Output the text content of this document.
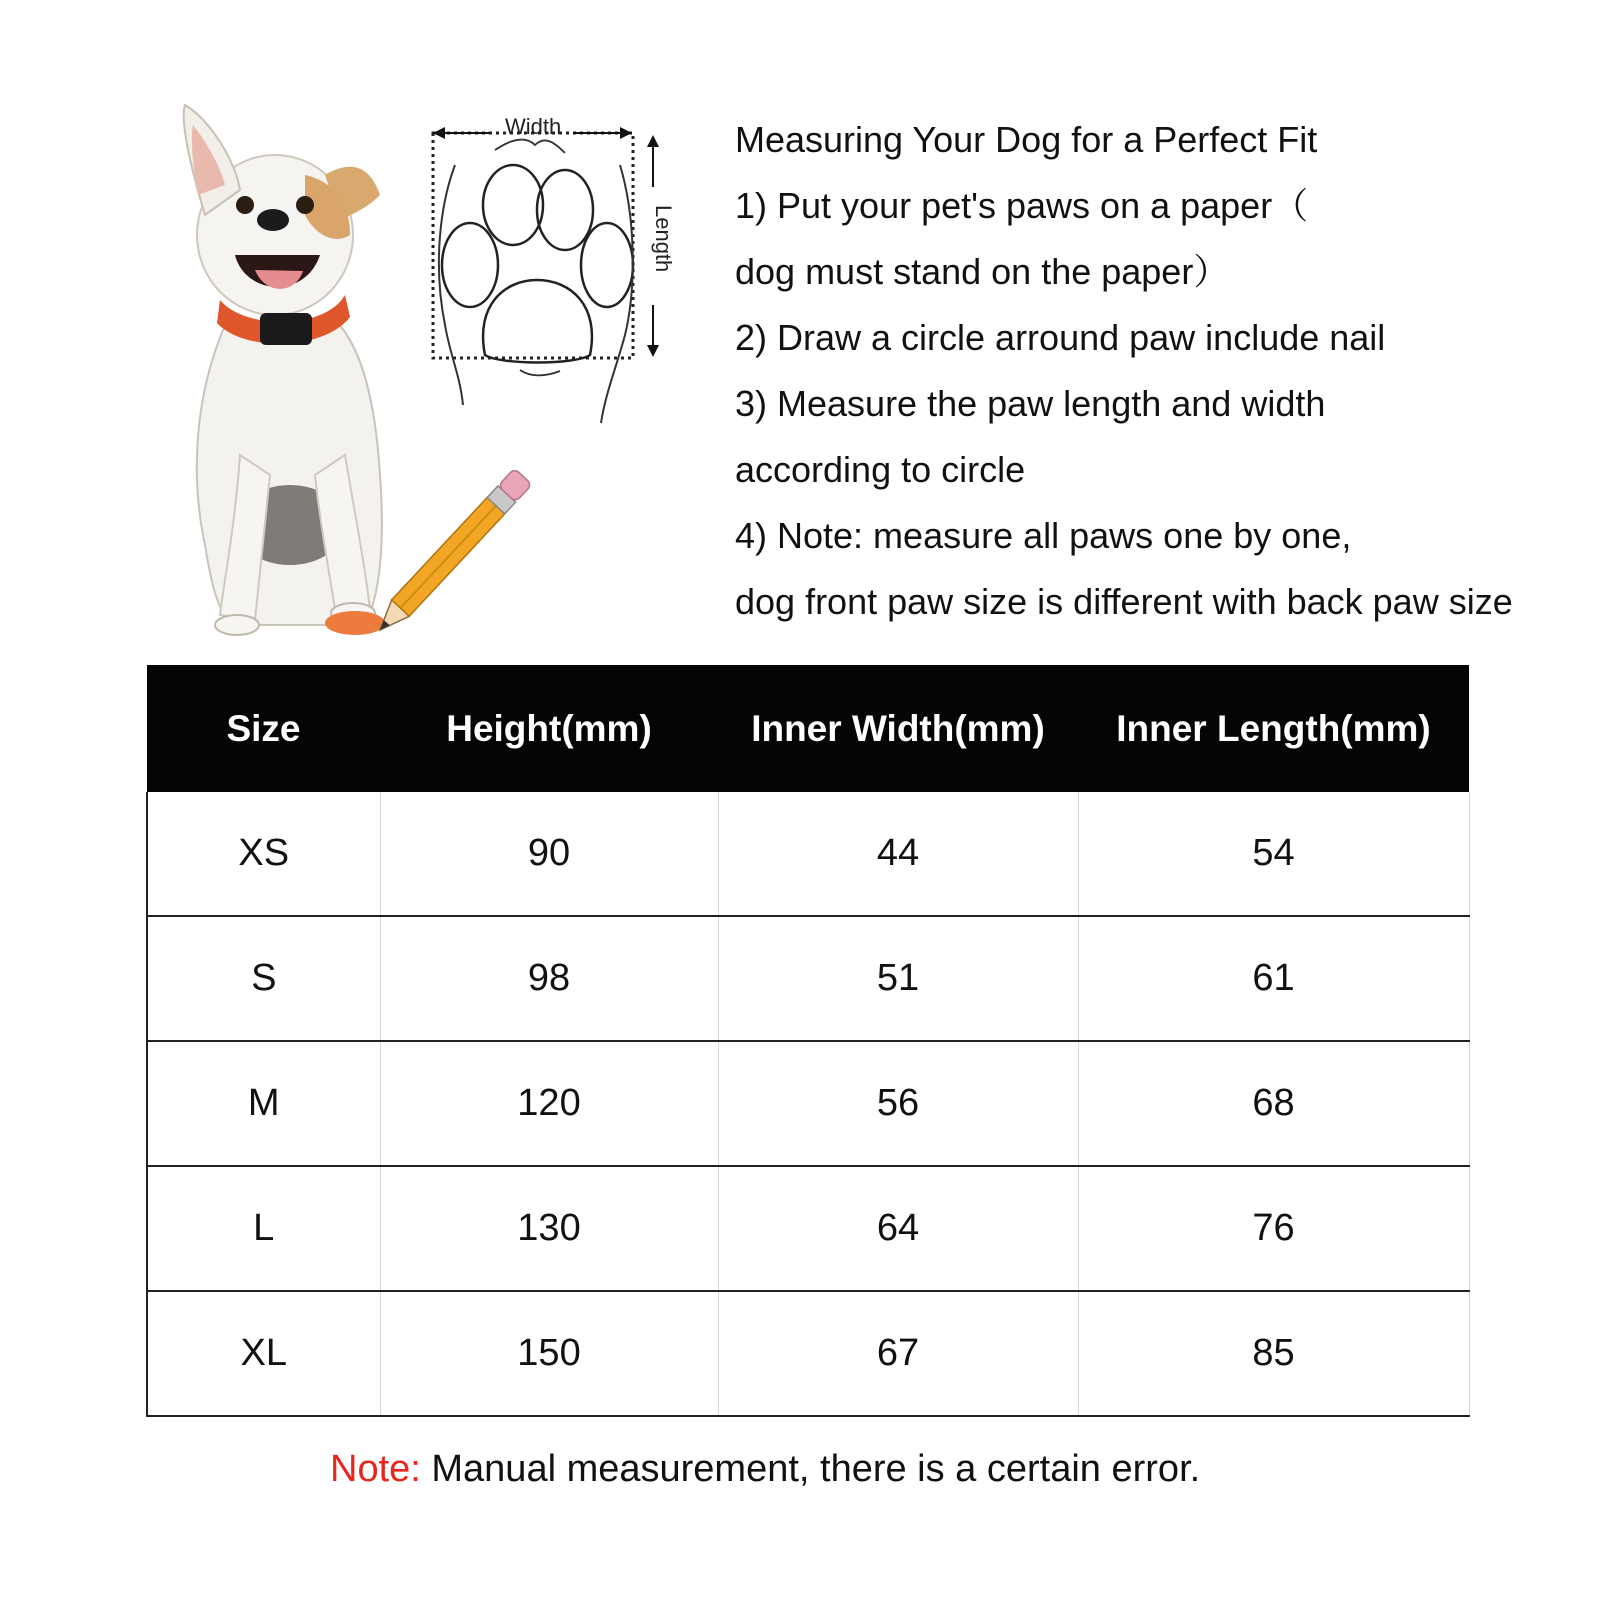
Width
Length
Measuring Your Dog for a Perfect Fit
1) Put your pet's paws on a paper（
dog must stand on the paper）
2) Draw a circle arround paw include nail
3) Measure the paw length and width
according to circle
4) Note: measure all paws one by one,
dog front paw size is different with back paw size
Size	Height(mm)	Inner Width(mm)	Inner Length(mm)
XS	90	44	54
S	98	51	61
M	120	56	68
L	130	64	76
XL	150	67	85
Note: Manual measurement, there is a certain error.
